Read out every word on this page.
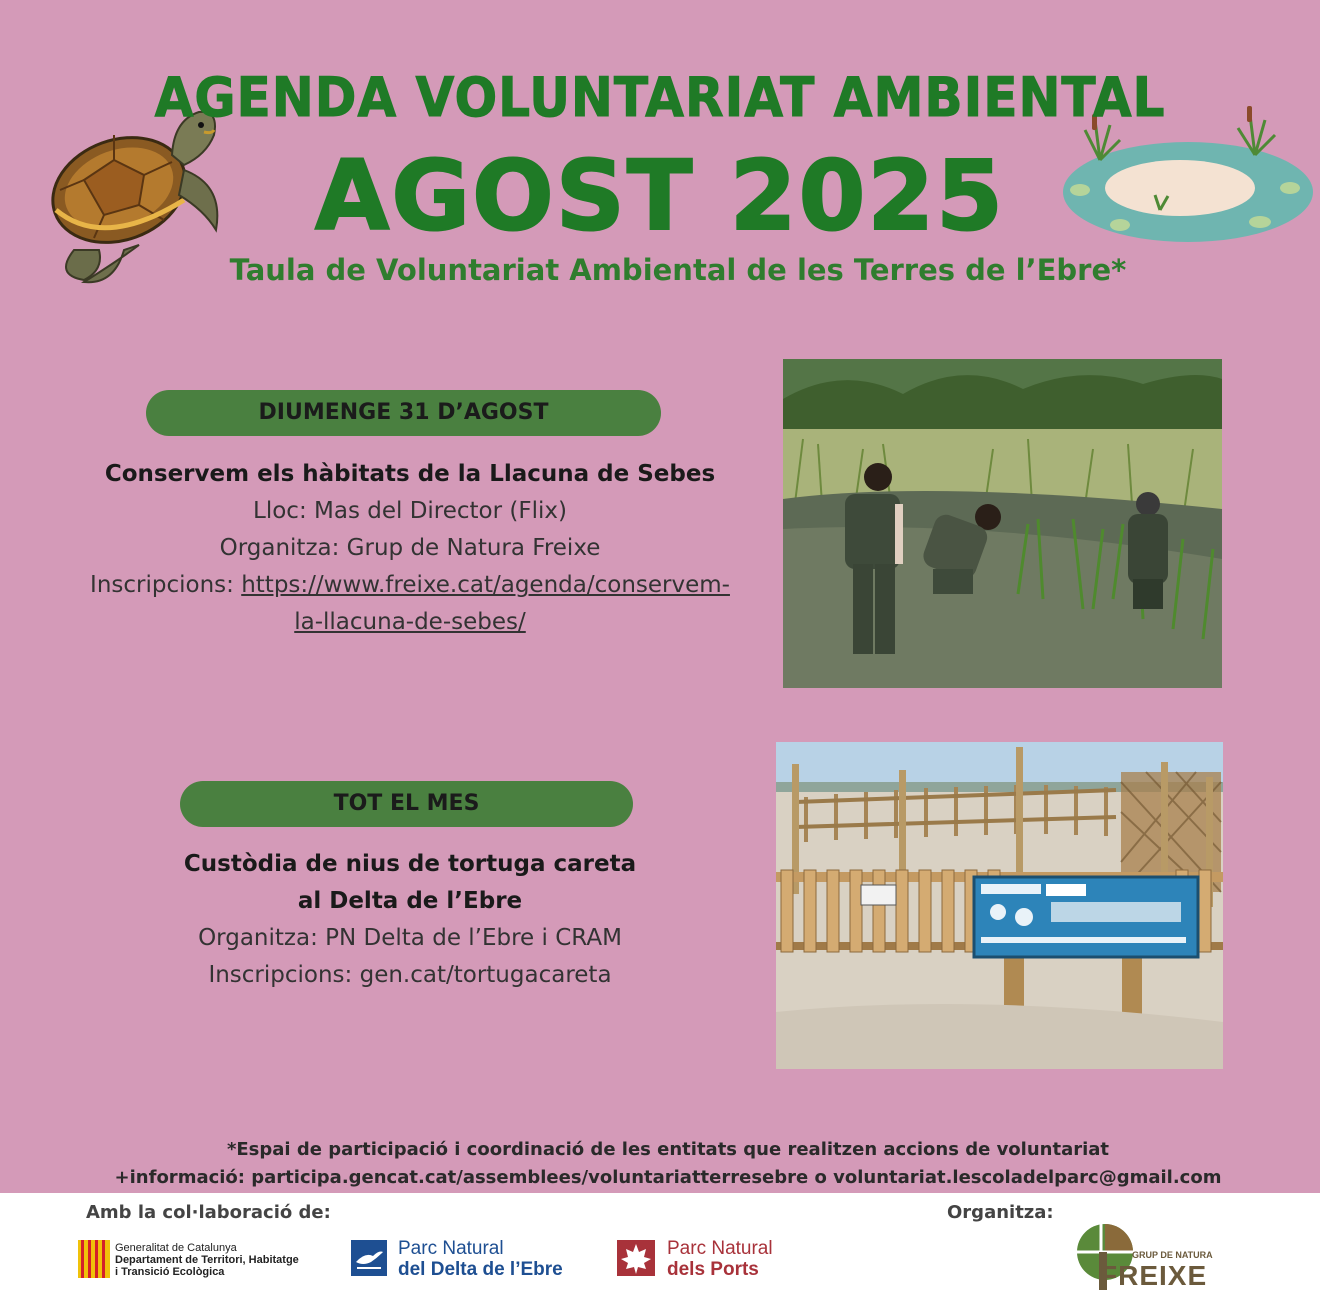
AGENDA VOLUNTARIAT AMBIENTAL
AGOST 2025
Taula de Voluntariat Ambiental de les Terres de l’Ebre*
DIUMENGE 31 D’AGOST
Conservem els hàbitats de la Llacuna de Sebes
Lloc: Mas del Director (Flix)
Organitza: Grup de Natura Freixe
Inscripcions: https://www.freixe.cat/agenda/conservem-
la-llacuna-de-sebes/
TOT EL MES
Custòdia de nius de tortuga careta
al Delta de l’Ebre
Organitza: PN Delta de l’Ebre i CRAM
Inscripcions: gen.cat/tortugacareta
*Espai de participació i coordinació de les entitats que realitzen accions de voluntariat
+informació: participa.gencat.cat/assemblees/voluntariatterresebre o voluntariat.lescoladelparc@gmail.com
Amb la col·laboració de:	Organitza:
Generalitat de Catalunya
Departament de Territori, Habitatge
i Transició Ecològica
Parc Natural
del Delta de l’Ebre
Parc Natural
dels Ports
GRUP DE NATURA
FREIXE
